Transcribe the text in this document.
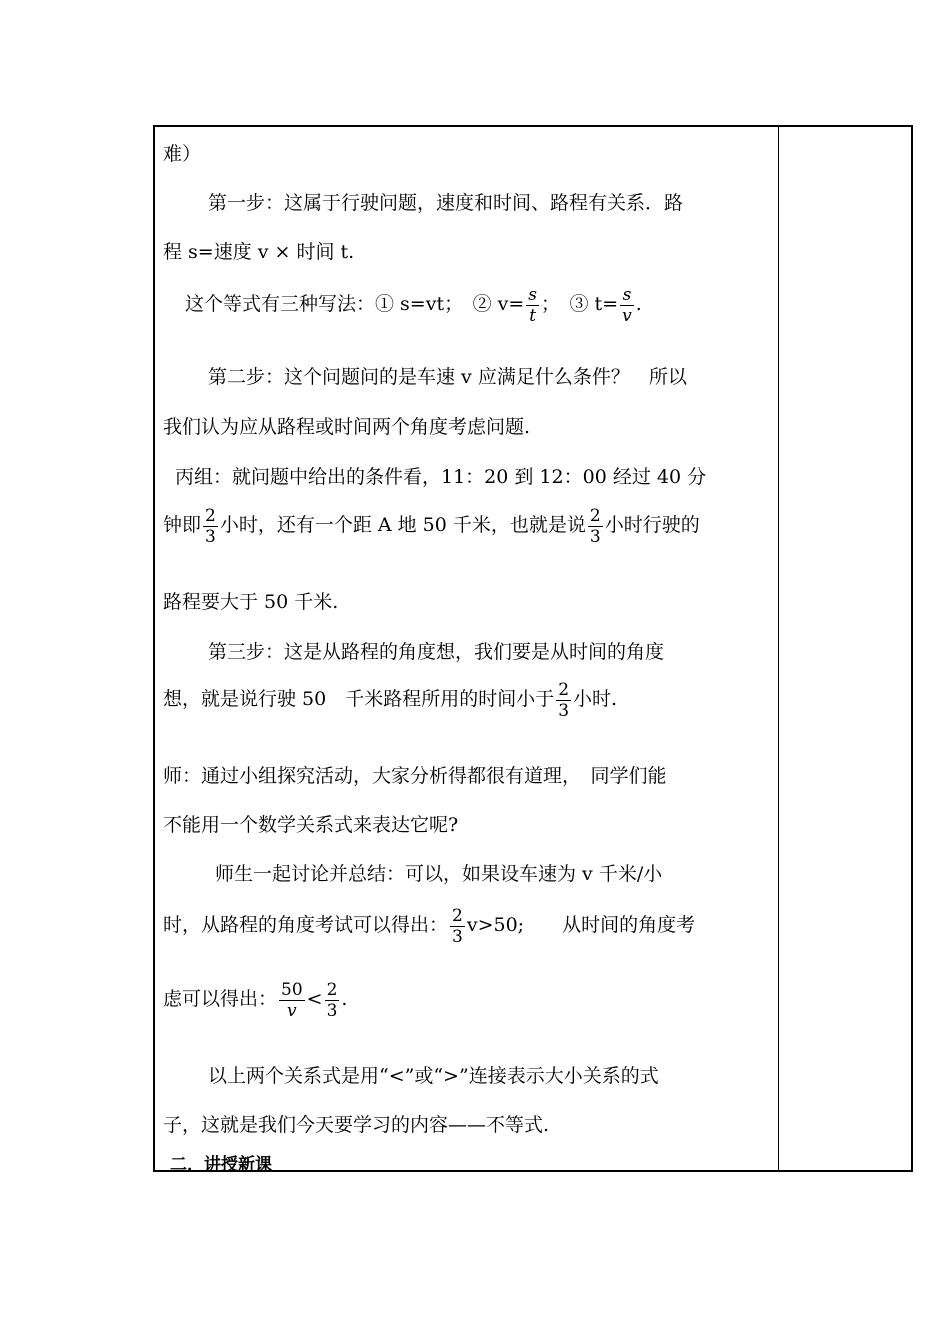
难）
第一步：这属于行驶问题，速度和时间、路程有关系．路
程 s=速度 v × 时间 t.
这个等式有三种写法：① s=vt；　② $v= \frac{s}{t}$ ；　③ $t= \frac{s}{v}$ .
第二步：这个问题问的是车速 v 应满足什么条件？　所以
我们认为应从路程或时间两个角度考虑问题.
丙组：就问题中给出的条件看，11：20 到 12：00 经过 40 分
钟即 $\frac{2}{3}$ 小时，还有一个距 A 地 50 千米，也就是说 $\frac{2}{3}$ 小时行驶的
路程要大于 50 千米.
第三步：这是从路程的角度想，我们要是从时间的角度
想，就是说行驶 50　千米路程所用的时间小于 $\frac{2}{3}$ 小时.
师：通过小组探究活动，大家分析得都很有道理，　同学们能
不能用一个数学关系式来表达它呢?
师生一起讨论并总结：可以，如果设车速为 v 千米/小
时，从路程的角度考试可以得出： $\frac{2}{3} v>50$;　　从时间的角度考
虑可以得出： $\frac{50}{v} < \frac{2}{3}$ .
以上两个关系式是用“<”或“>”连接表示大小关系的式
子，这就是我们今天要学习的内容——不等式.
二．讲授新课
